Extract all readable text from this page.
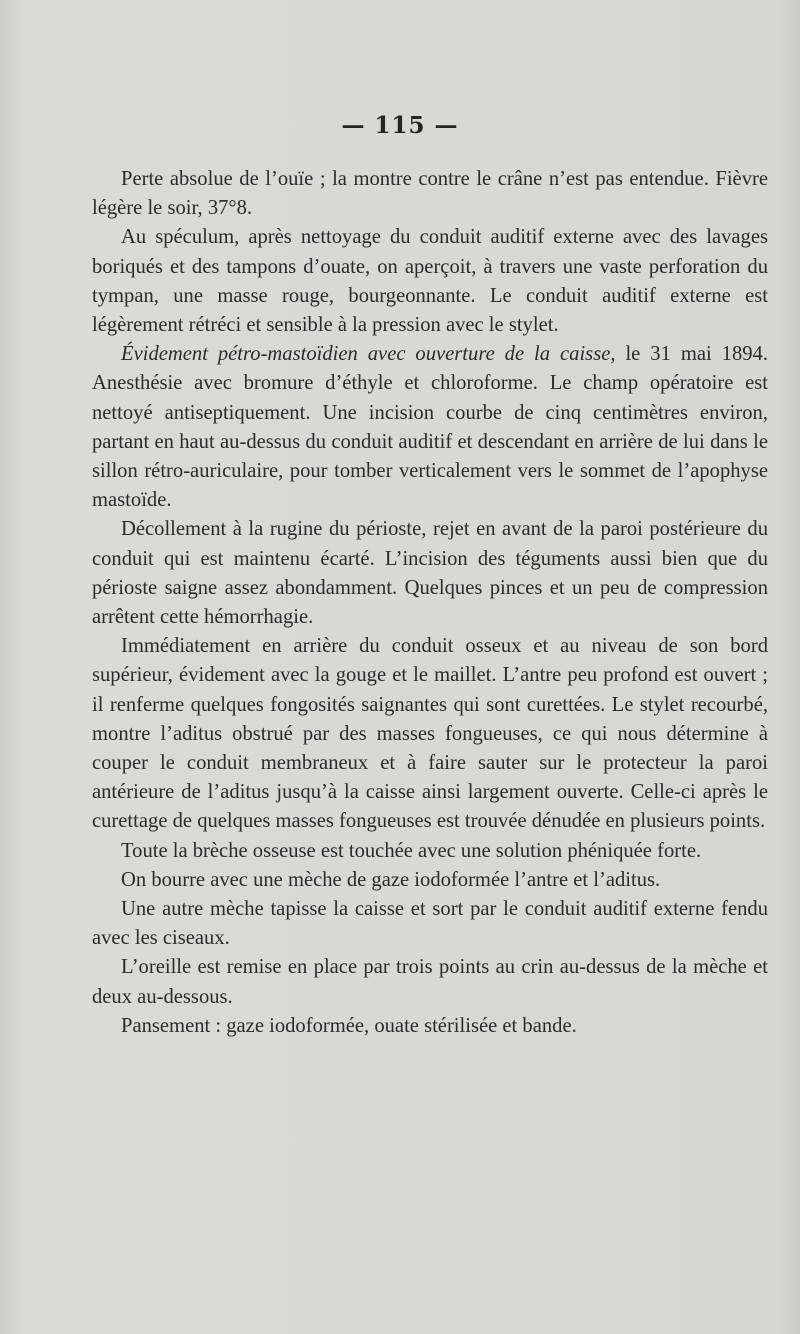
— 115 —

Perte absolue de l’ouïe ; la montre contre le crâne n’est pas entendue. Fièvre légère le soir, 37°8.

Au spéculum, après nettoyage du conduit auditif externe avec des lavages boriqués et des tampons d’ouate, on aperçoit, à travers une vaste perforation du tympan, une masse rouge, bourgeonnante. Le conduit auditif externe est légèrement rétréci et sensible à la pression avec le stylet.

Évidement pétro-mastoïdien avec ouverture de la caisse, le 31 mai 1894. Anesthésie avec bromure d’éthyle et chloroforme. Le champ opératoire est nettoyé antiseptiquement. Une incision courbe de cinq centimètres environ, partant en haut au-dessus du conduit auditif et descendant en arrière de lui dans le sillon rétro-auriculaire, pour tomber verticalement vers le sommet de l’apophyse mastoïde.

Décollement à la rugine du périoste, rejet en avant de la paroi postérieure du conduit qui est maintenu écarté. L’incision des téguments aussi bien que du périoste saigne assez abondamment. Quelques pinces et un peu de compression arrêtent cette hémorrhagie.

Immédiatement en arrière du conduit osseux et au niveau de son bord supérieur, évidement avec la gouge et le maillet. L’antre peu profond est ouvert ; il renferme quelques fongosités saignantes qui sont curettées. Le stylet recourbé, montre l’aditus obstrué par des masses fongueuses, ce qui nous détermine à couper le conduit membraneux et à faire sauter sur le protecteur la paroi antérieure de l’aditus jusqu’à la caisse ainsi largement ouverte. Celle-ci après le curettage de quelques masses fongueuses est trouvée dénudée en plusieurs points.

Toute la brèche osseuse est touchée avec une solution phéniquée forte.

On bourre avec une mèche de gaze iodoformée l’antre et l’aditus.

Une autre mèche tapisse la caisse et sort par le conduit auditif externe fendu avec les ciseaux.

L’oreille est remise en place par trois points au crin au-dessus de la mèche et deux au-dessous.

Pansement : gaze iodoformée, ouate stérilisée et bande.
